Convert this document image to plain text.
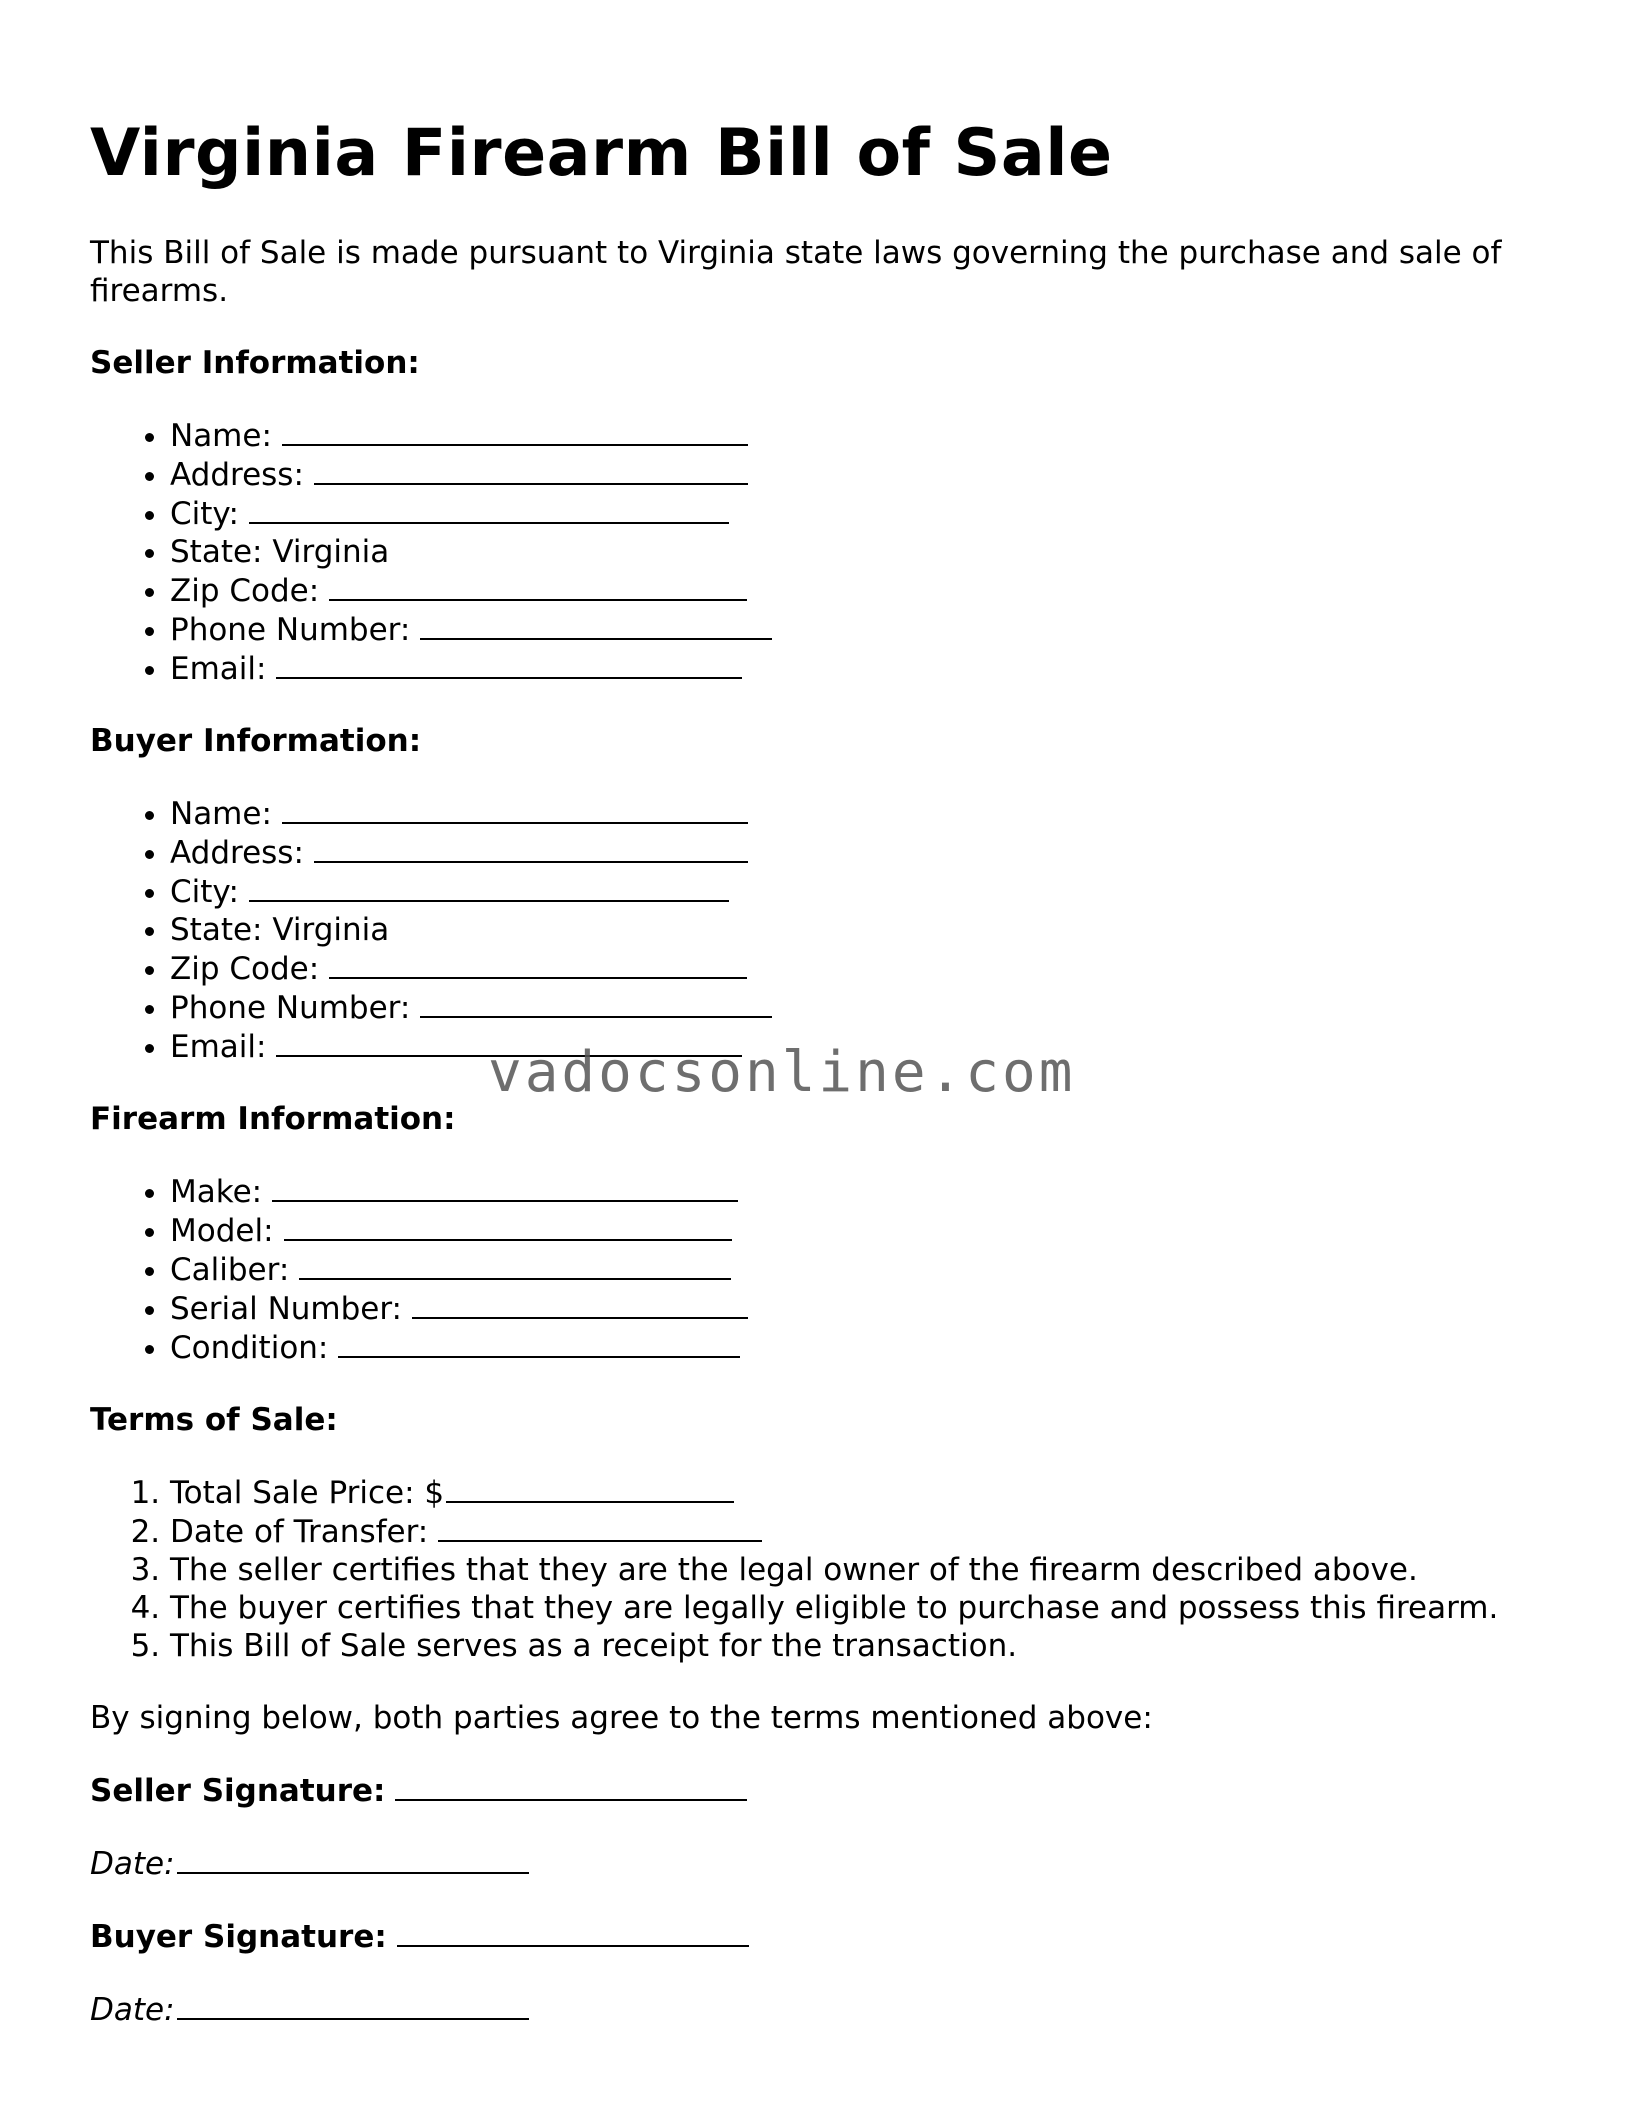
Virginia Firearm Bill of Sale

This Bill of Sale is made pursuant to Virginia state laws governing the purchase and sale of firearms.

Seller Information:

• Name:
• Address:
• City:
• State: Virginia
• Zip Code:
• Phone Number:
• Email:

Buyer Information:

• Name:
• Address:
• City:
• State: Virginia
• Zip Code:
• Phone Number:
• Email:

Firearm Information:

• Make:
• Model:
• Caliber:
• Serial Number:
• Condition:

Terms of Sale:

1. Total Sale Price: $
2. Date of Transfer:
3. The seller certifies that they are the legal owner of the firearm described above.
4. The buyer certifies that they are legally eligible to purchase and possess this firearm.
5. This Bill of Sale serves as a receipt for the transaction.

By signing below, both parties agree to the terms mentioned above:

Seller Signature:

Date:

Buyer Signature:

Date:

vadocsonline.com
